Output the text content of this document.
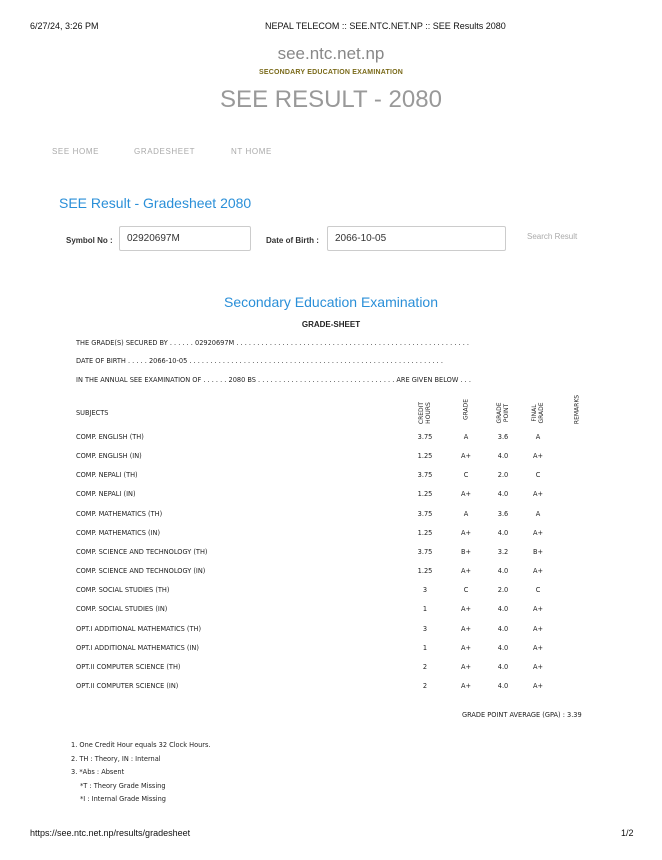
6/27/24, 3:26 PM	NEPAL TELECOM :: SEE.NTC.NET.NP :: SEE Results 2080
see.ntc.net.np
SECONDARY EDUCATION EXAMINATION
SEE RESULT - 2080
SEE HOME	GRADESHEET	NT HOME
SEE Result - Gradesheet 2080
Symbol No :	02920697M	Date of Birth :	2066-10-05	Search Result
Secondary Education Examination
GRADE-SHEET
THE GRADE(S) SECURED BY . . . . . . 02920697M . . . . . . . . . . . . . . . . . . . . . . . . . . . . . . . . . . . . . . . . . . . . . . . . . . . . . . . .
DATE OF BIRTH . . . . . 2066-10-05 . . . . . . . . . . . . . . . . . . . . . . . . . . . . . . . . . . . . . . . . . . . . . . . . . . . . . . . . . . . . .
IN THE ANNUAL SEE EXAMINATION OF . . . . . . 2080 BS . . . . . . . . . . . . . . . . . . . . . . . . . . . . . . . . . ARE GIVEN BELOW . . .
SUBJECTS	CREDIT HOURS	GRADE	GRADE POINT	FINAL GRADE	REMARKS
COMP. ENGLISH (TH)	3.75	A	3.6	A
COMP. ENGLISH (IN)	1.25	A+	4.0	A+
COMP. NEPALI (TH)	3.75	C	2.0	C
COMP. NEPALI (IN)	1.25	A+	4.0	A+
COMP. MATHEMATICS (TH)	3.75	A	3.6	A
COMP. MATHEMATICS (IN)	1.25	A+	4.0	A+
COMP. SCIENCE AND TECHNOLOGY (TH)	3.75	B+	3.2	B+
COMP. SCIENCE AND TECHNOLOGY (IN)	1.25	A+	4.0	A+
COMP. SOCIAL STUDIES (TH)	3	C	2.0	C
COMP. SOCIAL STUDIES (IN)	1	A+	4.0	A+
OPT.I ADDITIONAL MATHEMATICS (TH)	3	A+	4.0	A+
OPT.I ADDITIONAL MATHEMATICS (IN)	1	A+	4.0	A+
OPT.II COMPUTER SCIENCE (TH)	2	A+	4.0	A+
OPT.II COMPUTER SCIENCE (IN)	2	A+	4.0	A+
GRADE POINT AVERAGE (GPA) : 3.39
1. One Credit Hour equals 32 Clock Hours.
2. TH : Theory, IN : Internal
3. *Abs : Absent
*T : Theory Grade Missing
*I : Internal Grade Missing
https://see.ntc.net.np/results/gradesheet	1/2
